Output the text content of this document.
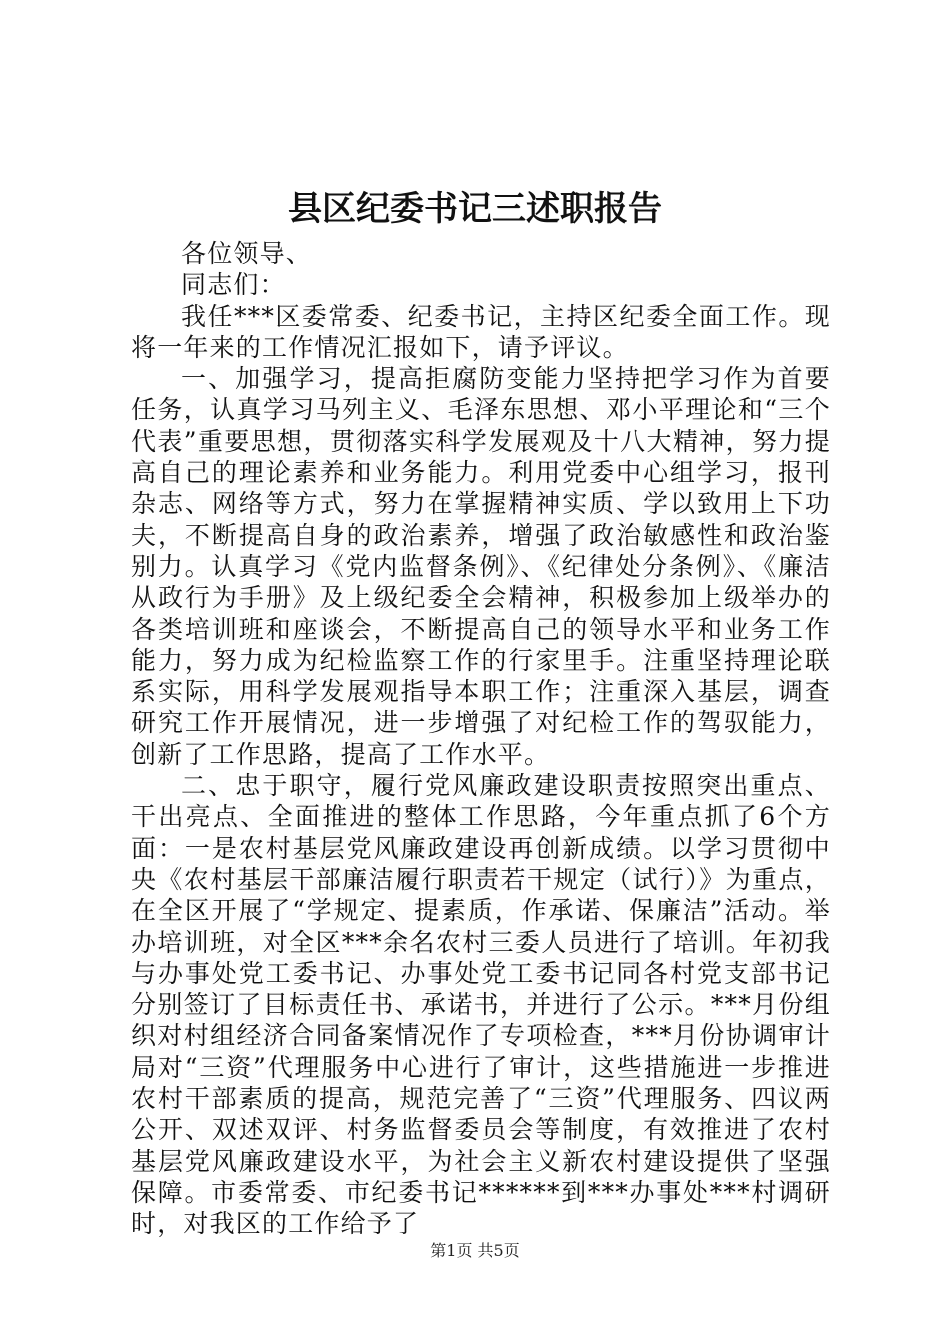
县区纪委书记三述职报告

各位领导、

同志们：

我任***区委常委、纪委书记，主持区纪委全面工作。现将一年来的工作情况汇报如下，请予评议。

一、加强学习，提高拒腐防变能力坚持把学习作为首要任务，认真学习马列主义、毛泽东思想、邓小平理论和“三个代表”重要思想，贯彻落实科学发展观及十八大精神，努力提高自己的理论素养和业务能力。利用党委中心组学习，报刊杂志、网络等方式，努力在掌握精神实质、学以致用上下功夫，不断提高自身的政治素养，增强了政治敏感性和政治鉴别力。认真学习《党内监督条例》、《纪律处分条例》、《廉洁从政行为手册》及上级纪委全会精神，积极参加上级举办的各类培训班和座谈会，不断提高自己的领导水平和业务工作能力，努力成为纪检监察工作的行家里手。注重坚持理论联系实际，用科学发展观指导本职工作；注重深入基层，调查研究工作开展情况，进一步增强了对纪检工作的驾驭能力，创新了工作思路，提高了工作水平。

二、忠于职守，履行党风廉政建设职责按照突出重点、干出亮点、全面推进的整体工作思路，今年重点抓了6个方面：一是农村基层党风廉政建设再创新成绩。以学习贯彻中央《农村基层干部廉洁履行职责若干规定（试行）》为重点，在全区开展了“学规定、提素质，作承诺、保廉洁”活动。举办培训班，对全区***余名农村三委人员进行了培训。年初我与办事处党工委书记、办事处党工委书记同各村党支部书记分别签订了目标责任书、承诺书，并进行了公示。***月份组织对村组经济合同备案情况作了专项检查，***月份协调审计局对“三资”代理服务中心进行了审计，这些措施进一步推进农村干部素质的提高，规范完善了“三资”代理服务、四议两公开、双述双评、村务监督委员会等制度，有效推进了农村基层党风廉政建设水平，为社会主义新农村建设提供了坚强保障。市委常委、市纪委书记******到***办事处***村调研时，对我区的工作给予了

第1页 共5页
